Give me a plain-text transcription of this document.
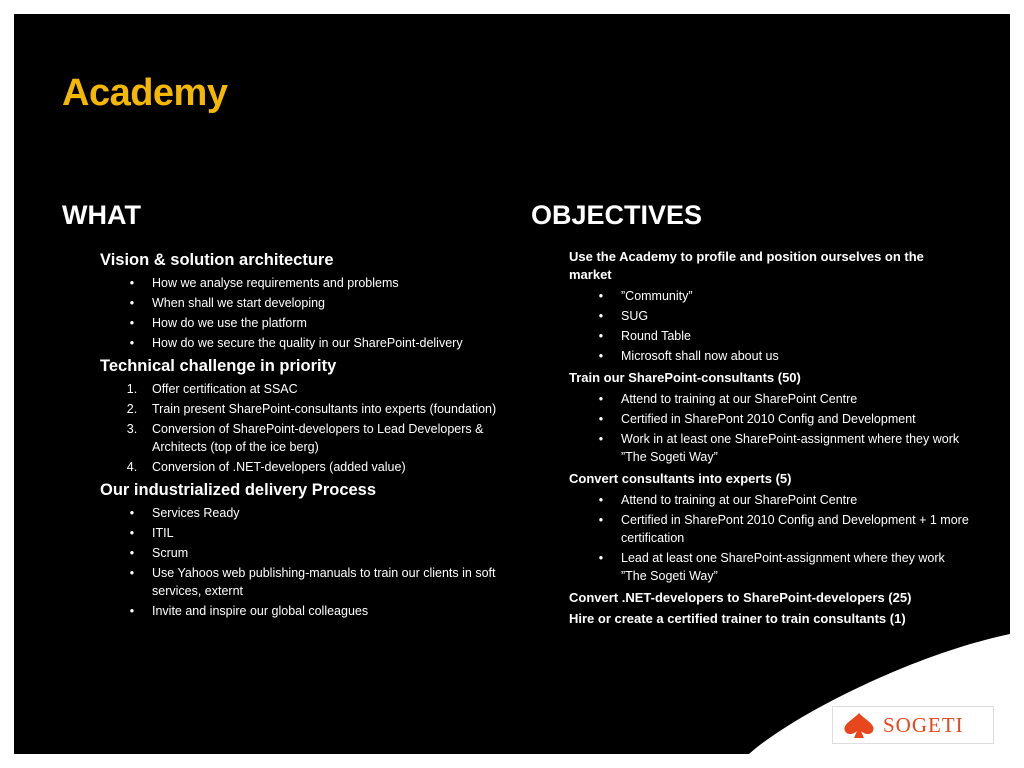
Academy
WHAT	OBJECTIVES
Vision & solution architecture
•	How we analyse requirements and problems
•	When shall we start developing
•	How do we use the platform
•	How do we secure the quality in our SharePoint-delivery
Technical challenge in priority
1.	Offer certification at SSAC
2.	Train present SharePoint-consultants into experts (foundation)
3.	Conversion of SharePoint-developers to Lead Developers & Architects (top of the ice berg)
4.	Conversion of .NET-developers (added value)
Our industrialized delivery Process
•	Services Ready
•	ITIL
•	Scrum
•	Use Yahoos web publishing-manuals to train our clients in soft services, externt
•	Invite and inspire our global colleagues
Use the Academy to profile and position ourselves on the market
•	”Community”
•	SUG
•	Round Table
•	Microsoft shall now about us
Train our SharePoint-consultants (50)
•	Attend to training at our SharePoint Centre
•	Certified in SharePont 2010 Config and Development
•	Work in at least one SharePoint-assignment where they work ”The Sogeti Way”
Convert consultants into experts (5)
•	Attend to training at our SharePoint Centre
•	Certified in SharePont 2010 Config and Development + 1 more certification
•	Lead at least one SharePoint-assignment where they work ”The Sogeti Way”
Convert .NET-developers to SharePoint-developers (25)
Hire or create a certified trainer to train consultants (1)
SOGETI
